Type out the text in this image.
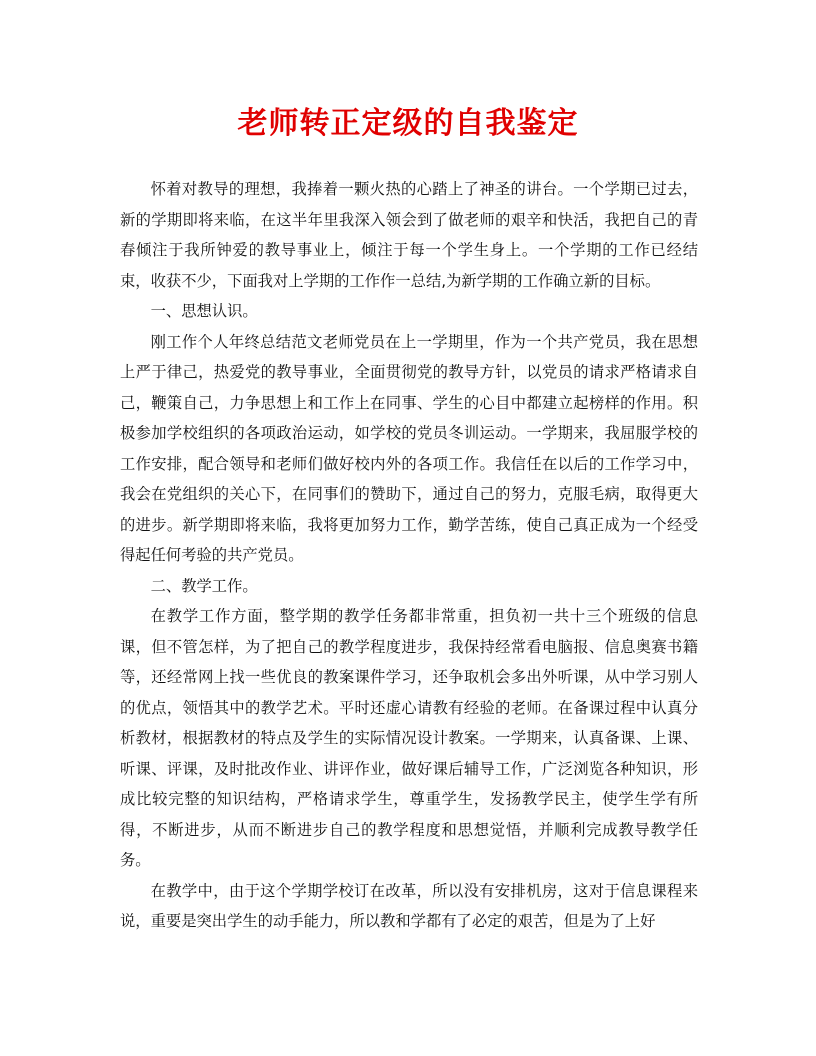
老师转正定级的自我鉴定

怀着对教导的理想，我捧着一颗火热的心踏上了神圣的讲台。一个学期已过去，新的学期即将来临，在这半年里我深入领会到了做老师的艰辛和快活，我把自己的青春倾注于我所钟爱的教导事业上，倾注于每一个学生身上。一个学期的工作已经结束，收获不少，下面我对上学期的工作作一总结,为新学期的工作确立新的目标。

一、思想认识。

刚工作个人年终总结范文老师党员在上一学期里，作为一个共产党员，我在思想上严于律己，热爱党的教导事业，全面贯彻党的教导方针，以党员的请求严格请求自己，鞭策自己，力争思想上和工作上在同事、学生的心目中都建立起榜样的作用。积极参加学校组织的各项政治运动，如学校的党员冬训运动。一学期来，我屈服学校的工作安排，配合领导和老师们做好校内外的各项工作。我信任在以后的工作学习中，我会在党组织的关心下，在同事们的赞助下，通过自己的努力，克服毛病，取得更大的进步。新学期即将来临，我将更加努力工作，勤学苦练，使自己真正成为一个经受得起任何考验的共产党员。

二、教学工作。

在教学工作方面，整学期的教学任务都非常重，担负初一共十三个班级的信息课，但不管怎样，为了把自己的教学程度进步，我保持经常看电脑报、信息奥赛书籍等，还经常网上找一些优良的教案课件学习，还争取机会多出外听课，从中学习别人的优点，领悟其中的教学艺术。平时还虚心请教有经验的老师。在备课过程中认真分析教材，根据教材的特点及学生的实际情况设计教案。一学期来，认真备课、上课、听课、评课，及时批改作业、讲评作业，做好课后辅导工作，广泛浏览各种知识，形成比较完整的知识结构，严格请求学生，尊重学生，发扬教学民主，使学生学有所得，不断进步，从而不断进步自己的教学程度和思想觉悟，并顺利完成教导教学任务。

在教学中，由于这个学期学校订在改革，所以没有安排机房，这对于信息课程来说，重要是突出学生的动手能力，所以教和学都有了必定的艰苦，但是为了上好
